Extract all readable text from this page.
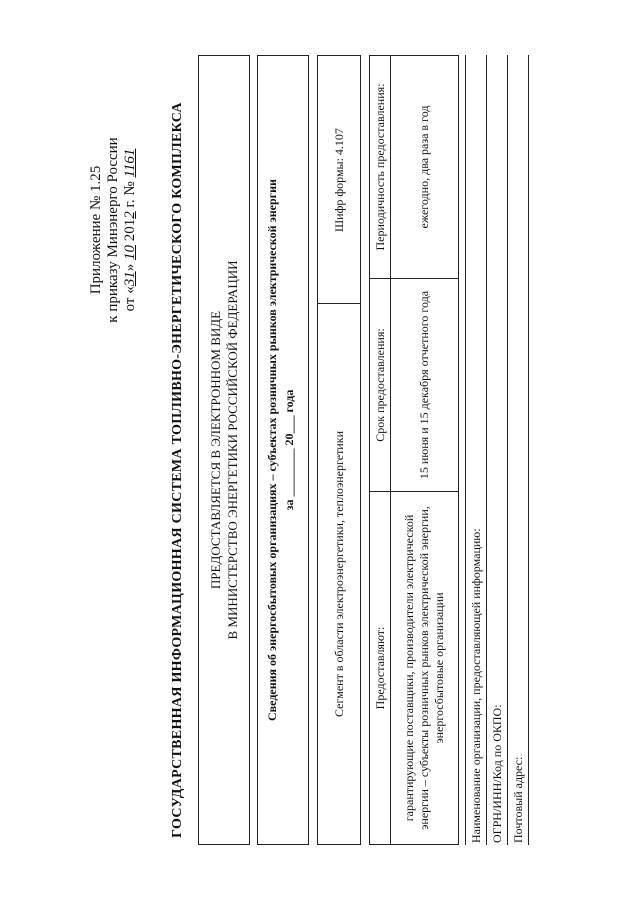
Приложение № 1.25 к приказу Минэнерго России от «31» 10 2012 г. № 1161 ГОСУДАРСТВЕННАЯ ИНФОРМАЦИОННАЯ СИСТЕМА ТОПЛИВНО-ЭНЕРГЕТИЧЕСКОГО КОМПЛЕКСА ПРЕДОСТАВЛЯЕТСЯ В ЭЛЕКТРОННОМ ВИДЕ В МИНИСТЕРСТВО ЭНЕРГЕТИКИ РОССИЙСКОЙ ФЕДЕРАЦИИ Сведения об энергосбытовых организациях – субъектах розничных рынков электрической энергии за ________ 20___ года	Сегмент в области электроэнергетики, теплоэнергетики
Шифр формы: 4.107
Предоставляют:	Срок предоставления:	Периодичность предоставления:
гарантирующие поставщики, производители электрической энергии – субъекты розничных рынков электрической энергии, энергосбытовые организации	15 июня и 15 декабря отчетного года	ежегодно, два раза в год
Наименование организации, предоставляющей информацию: ОГРН/ИНН/Код по ОКПО: Почтовый адрес:
